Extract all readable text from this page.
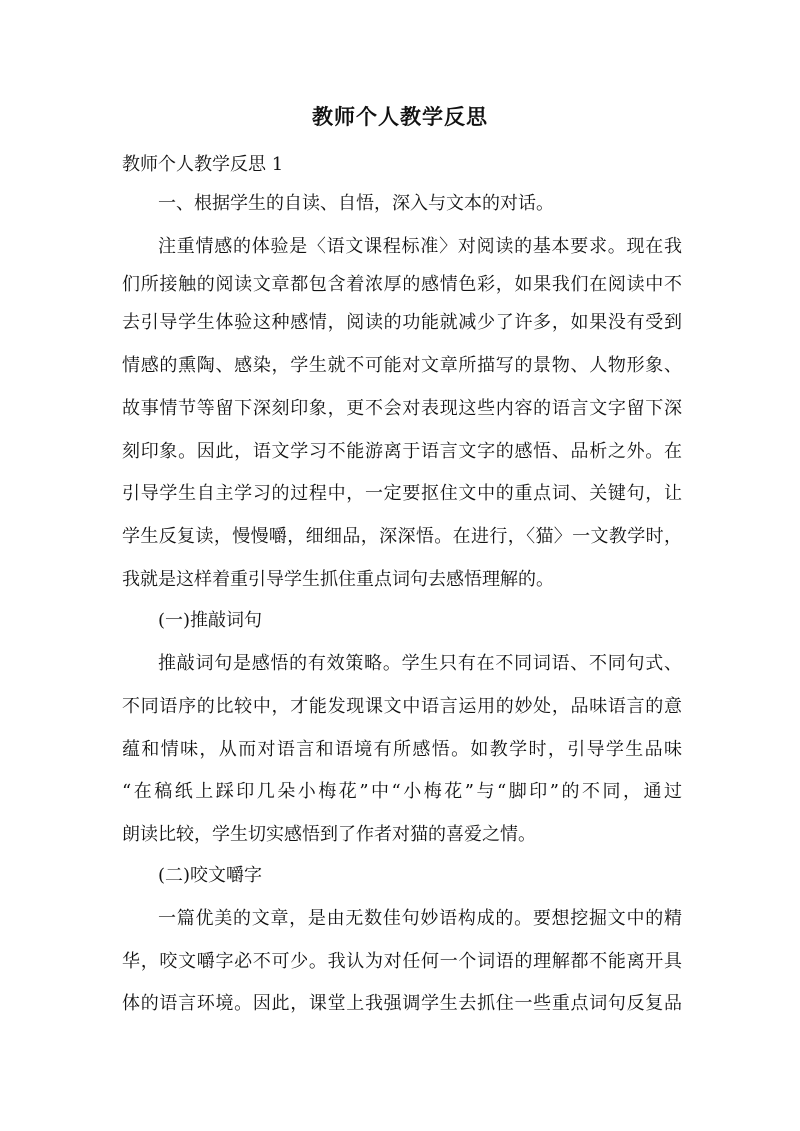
教师个人教学反思

教师个人教学反思 1

一、根据学生的自读、自悟，深入与文本的对话。

注重情感的体验是〈语文课程标准〉对阅读的基本要求。现在我

们所接触的阅读文章都包含着浓厚的感情色彩，如果我们在阅读中不

去引导学生体验这种感情，阅读的功能就减少了许多，如果没有受到

情感的熏陶、感染，学生就不可能对文章所描写的景物、人物形象、

故事情节等留下深刻印象，更不会对表现这些内容的语言文字留下深

刻印象。因此，语文学习不能游离于语言文字的感悟、品析之外。在

引导学生自主学习的过程中，一定要抠住文中的重点词、关键句，让

学生反复读，慢慢嚼，细细品，深深悟。在进行，〈猫〉一文教学时，

我就是这样着重引导学生抓住重点词句去感悟理解的。

(一)推敲词句

推敲词句是感悟的有效策略。学生只有在不同词语、不同句式、

不同语序的比较中，才能发现课文中语言运用的妙处，品味语言的意

蕴和情味，从而对语言和语境有所感悟。如教学时，引导学生品味

“在稿纸上踩印几朵小梅花”中“小梅花”与“脚印”的不同，通过

朗读比较，学生切实感悟到了作者对猫的喜爱之情。

(二)咬文嚼字

一篇优美的文章，是由无数佳句妙语构成的。要想挖掘文中的精

华，咬文嚼字必不可少。我认为对任何一个词语的理解都不能离开具

体的语言环境。因此，课堂上我强调学生去抓住一些重点词句反复品
